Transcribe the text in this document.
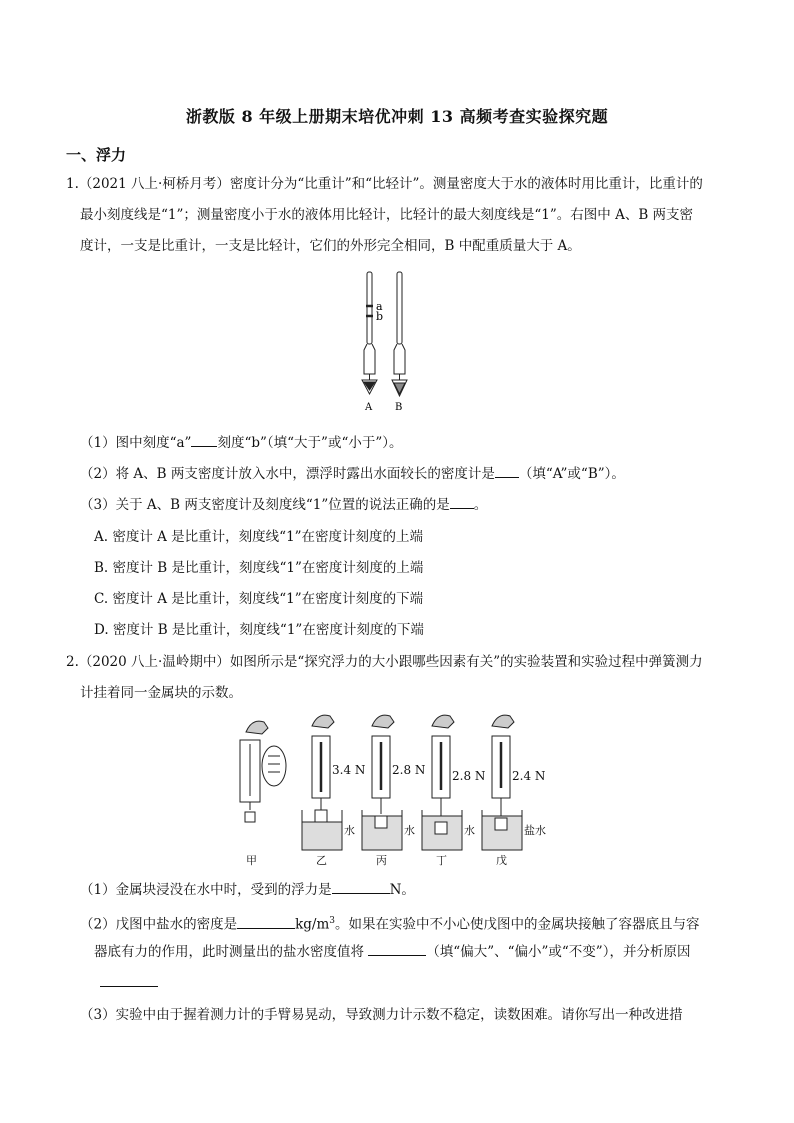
浙教版 8 年级上册期末培优冲刺 13 高频考查实验探究题
一、浮力
1.（2021 八上·柯桥月考）密度计分为“比重计”和“比轻计”。测量密度大于水的液体时用比重计，比重计的
最小刻度线是“1”；测量密度小于水的液体用比轻计，比轻计的最大刻度线是“1”。右图中 A、B 两支密
度计，一支是比重计，一支是比轻计，它们的外形完全相同，B 中配重质量大于 A。
a
b
A B
（1）图中刻度“a” 刻度“b”（填“大于”或“小于”）。
（2）将 A、B 两支密度计放入水中，漂浮时露出水面较长的密度计是 （填“A”或“B”）。
（3）关于 A、B 两支密度计及刻度线“1”位置的说法正确的是 。
A. 密度计 A 是比重计，刻度线“1”在密度计刻度的上端
B. 密度计 B 是比重计，刻度线“1”在密度计刻度的上端
C. 密度计 A 是比重计，刻度线“1”在密度计刻度的下端
D. 密度计 B 是比重计，刻度线“1”在密度计刻度的下端
2.（2020 八上·温岭期中）如图所示是“探究浮力的大小跟哪些因素有关”的实验装置和实验过程中弹簧测力
计挂着同一金属块的示数。
3.4 N 2.8 N 2.8 N 2.4 N
水	水	水	盐水
甲	乙	丙	丁	戊
（1）金属块浸没在水中时，受到的浮力是	N。
（2）戊图中盐水的密度是	$kg/m^3$。如果在实验中不小心使戊图中的金属块接触了容器底且与容
器底有力的作用，此时测量出的盐水密度值将	（填“偏大”、“偏小”或“不变”），并分析原因
（3）实验中由于握着测力计的手臂易晃动，导致测力计示数不稳定，读数困难。请你写出一种改进措
